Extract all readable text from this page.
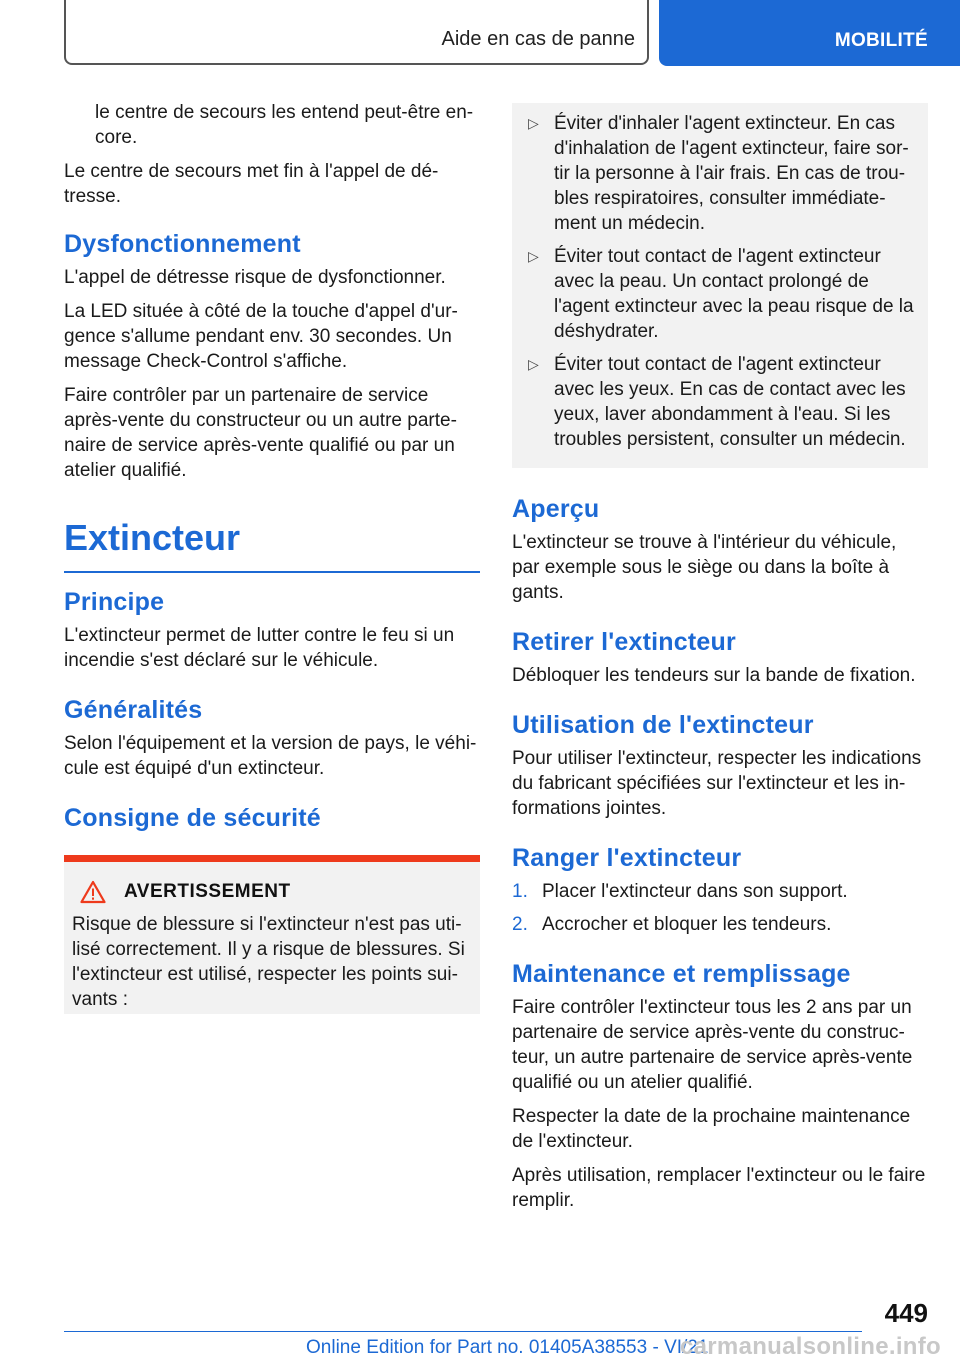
Aide en cas de panne	MOBILITÉ

le centre de secours les entend peut-être en-core.

Le centre de secours met fin à l'appel de dé-tresse.

Dysfonctionnement

L'appel de détresse risque de dysfonctionner.

La LED située à côté de la touche d'appel d'ur-gence s'allume pendant env. 30 secondes. Un message Check-Control s'affiche.

Faire contrôler par un partenaire de service après-vente du constructeur ou un autre parte-naire de service après-vente qualifié ou par un atelier qualifié.

Extincteur
Principe

L'extincteur permet de lutter contre le feu si un incendie s'est déclaré sur le véhicule.

Généralités

Selon l'équipement et la version de pays, le véhi-cule est équipé d'un extincteur.

Consigne de sécurité
AVERTISSEMENT

Risque de blessure si l'extincteur n'est pas uti-lisé correctement. Il y a risque de blessures. Si l'extincteur est utilisé, respecter les points sui-vants :

▷ Éviter d'inhaler l'agent extincteur. En cas d'inhalation de l'agent extincteur, faire sor-tir la personne à l'air frais. En cas de trou-bles respiratoires, consulter immédiate-ment un médecin.

▷ Éviter tout contact de l'agent extincteur avec la peau. Un contact prolongé de l'agent extincteur avec la peau risque de la déshydrater.

▷ Éviter tout contact de l'agent extincteur avec les yeux. En cas de contact avec les yeux, laver abondamment à l'eau. Si les troubles persistent, consulter un médecin.

Aperçu

L'extincteur se trouve à l'intérieur du véhicule, par exemple sous le siège ou dans la boîte à gants.

Retirer l'extincteur

Débloquer les tendeurs sur la bande de fixation.

Utilisation de l'extincteur

Pour utiliser l'extincteur, respecter les indications du fabricant spécifiées sur l'extincteur et les in-formations jointes.

Ranger l'extincteur
1. Placer l'extincteur dans son support.

2. Accrocher et bloquer les tendeurs.

Maintenance et remplissage

Faire contrôler l'extincteur tous les 2 ans par un partenaire de service après-vente du construc-teur, un autre partenaire de service après-vente qualifié ou un atelier qualifié.

Respecter la date de la prochaine maintenance de l'extincteur.

Après utilisation, remplacer l'extincteur ou le faire remplir.

449
Online Edition for Part no. 01405A38553 - VI/21
carmanualsonline.info
